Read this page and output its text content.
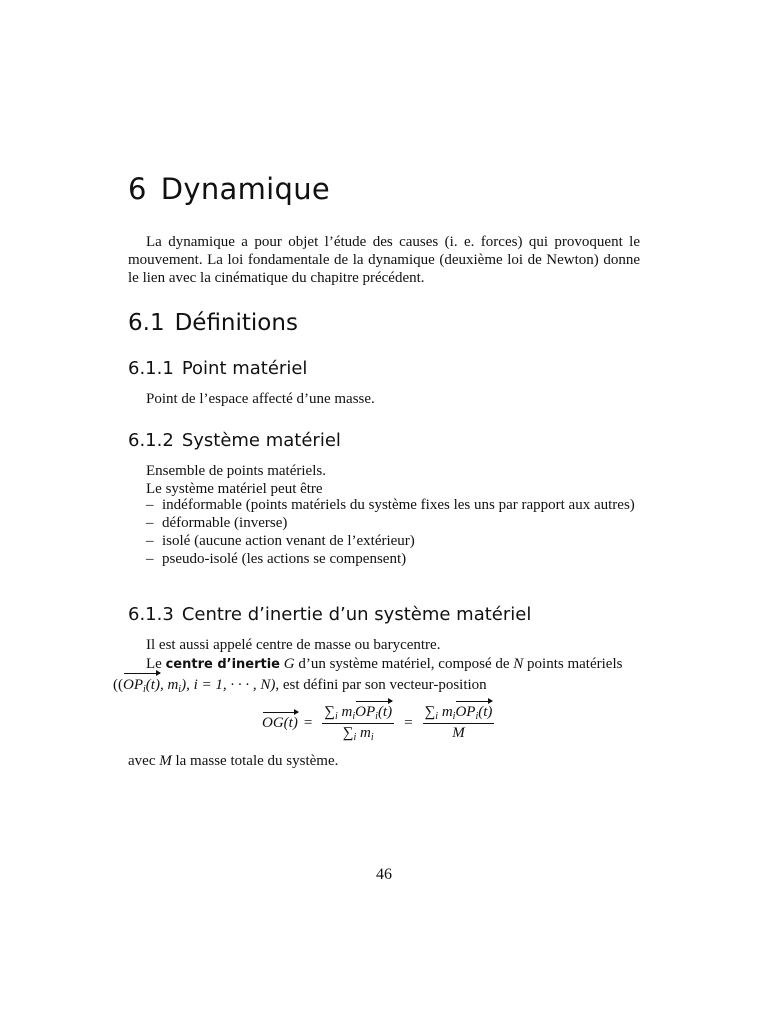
6 Dynamique

La dynamique a pour objet l’étude des causes (i. e. forces) qui provoquent le mouvement. La loi fondamentale de la dynamique (deuxième loi de Newton) donne le lien avec la cinématique du chapitre précédent.

6.1 Définitions
6.1.1 Point matériel

Point de l’espace affecté d’une masse.

6.1.2 Système matériel

Ensemble de points matériels.

Le système matériel peut être

– indéformable (points matériels du système fixes les uns par rapport aux autres)
– déformable (inverse)
– isolé (aucune action venant de l’extérieur)
– pseudo-isolé (les actions se compensent)
6.1.3 Centre d’inertie d’un système matériel

Il est aussi appelé centre de masse ou barycentre.

Le centre d’inertie G d’un système matériel, composé de N points matériels

((
$OP_i(t)$, $m_i$), i = 1, · · · , N), est défini par son vecteur-position

$OG(t) = \sum_i$ $m_i$
$OP_i(t)$
$\sum_i$ $m_i = \sum_i$ $m_i$
$OP_i(t)$
M

avec M la masse totale du système.

46
